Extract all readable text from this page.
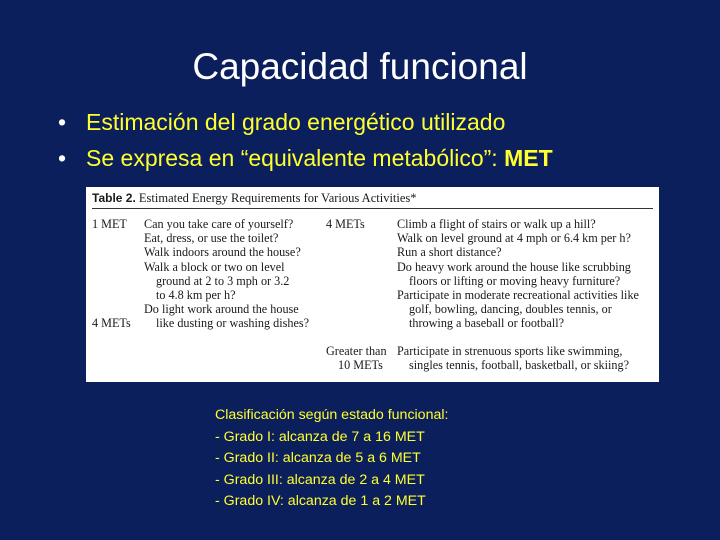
Capacidad funcional
• Estimación del grado energético utilizado
• Se expresa en “equivalente metabólico”: MET
Table 2. Estimated Energy Requirements for Various Activities*
1 MET Can you take care of yourself?
Eat, dress, or use the toilet?
Walk indoors around the house?
Walk a block or two on level
ground at 2 to 3 mph or 3.2
to 4.8 km per h?
Do light work around the house
like dusting or washing dishes?
4 METs
4 METs	Climb a flight of stairs or walk up a hill?
Walk on level ground at 4 mph or 6.4 km per h?
Run a short distance?
Do heavy work around the house like scrubbing
floors or lifting or moving heavy furniture?
Participate in moderate recreational activities like
golf, bowling, dancing, doubles tennis, or
throwing a baseball or football?
Greater than
10 METs
Participate in strenuous sports like swimming,
singles tennis, football, basketball, or skiing?
Clasificación según estado funcional:
- Grado I: alcanza de 7 a 16 MET
- Grado II: alcanza de 5 a 6 MET
- Grado III: alcanza de 2 a 4 MET
- Grado IV: alcanza de 1 a 2 MET
